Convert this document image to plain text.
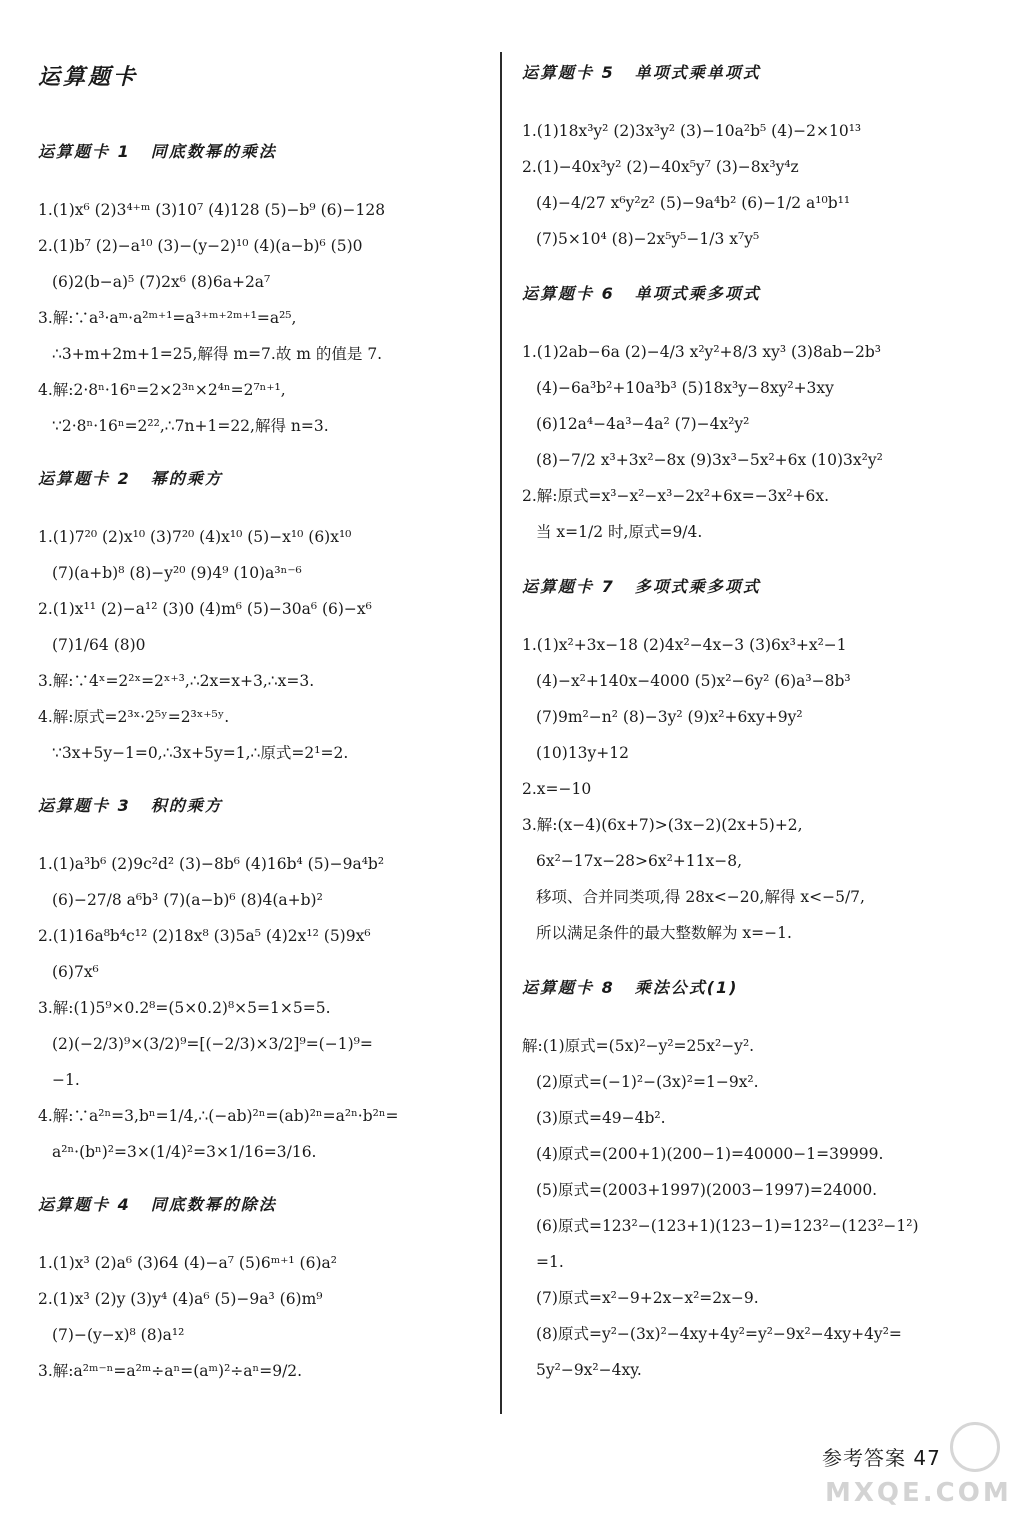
运算题卡
运算题卡 1 同底数幂的乘法
1.(1)x⁶ (2)3⁴⁺ᵐ (3)10⁷ (4)128 (5)−b⁹ (6)−128
2.(1)b⁷ (2)−a¹⁰ (3)−(y−2)¹⁰ (4)(a−b)⁶ (5)0
(6)2(b−a)⁵ (7)2x⁶ (8)6a+2a⁷
3.解:∵a³·aᵐ·a²ᵐ⁺¹=a³⁺ᵐ⁺²ᵐ⁺¹=a²⁵,
∴3+m+2m+1=25,解得 m=7.故 m 的值是 7.
4.解:2·8ⁿ·16ⁿ=2×2³ⁿ×2⁴ⁿ=2⁷ⁿ⁺¹,
∵2·8ⁿ·16ⁿ=2²²,∴7n+1=22,解得 n=3.
运算题卡 2 幂的乘方
1.(1)7²⁰ (2)x¹⁰ (3)7²⁰ (4)x¹⁰ (5)−x¹⁰ (6)x¹⁰
(7)(a+b)⁸ (8)−y²⁰ (9)4⁹ (10)a³ⁿ⁻⁶
2.(1)x¹¹ (2)−a¹² (3)0 (4)m⁶ (5)−30a⁶ (6)−x⁶
(7)1/64 (8)0
3.解:∵4ˣ=2²ˣ=2ˣ⁺³,∴2x=x+3,∴x=3.
4.解:原式=2³ˣ·2⁵ʸ=2³ˣ⁺⁵ʸ.
∵3x+5y−1=0,∴3x+5y=1,∴原式=2¹=2.
运算题卡 3 积的乘方
1.(1)a³b⁶ (2)9c²d² (3)−8b⁶ (4)16b⁴ (5)−9a⁴b²
(6)−27/8 a⁶b³ (7)(a−b)⁶ (8)4(a+b)²
2.(1)16a⁸b⁴c¹² (2)18x⁸ (3)5a⁵ (4)2x¹² (5)9x⁶
(6)7x⁶
3.解:(1)5⁹×0.2⁸=(5×0.2)⁸×5=1×5=5.
(2)(−2/3)⁹×(3/2)⁹=[(−2/3)×3/2]⁹=(−1)⁹=
−1.
4.解:∵a²ⁿ=3,bⁿ=1/4,∴(−ab)²ⁿ=(ab)²ⁿ=a²ⁿ·b²ⁿ=
a²ⁿ·(bⁿ)²=3×(1/4)²=3×1/16=3/16.
运算题卡 4 同底数幂的除法
1.(1)x³ (2)a⁶ (3)64 (4)−a⁷ (5)6ᵐ⁺¹ (6)a²
2.(1)x³ (2)y (3)y⁴ (4)a⁶ (5)−9a³ (6)m⁹
(7)−(y−x)⁸ (8)a¹²
3.解:a²ᵐ⁻ⁿ=a²ᵐ÷aⁿ=(aᵐ)²÷aⁿ=9/2.
运算题卡 5 单项式乘单项式
1.(1)18x³y² (2)3x³y² (3)−10a²b⁵ (4)−2×10¹³
2.(1)−40x³y² (2)−40x⁵y⁷ (3)−8x³y⁴z
(4)−4/27 x⁶y²z² (5)−9a⁴b² (6)−1/2 a¹⁰b¹¹
(7)5×10⁴ (8)−2x⁵y⁵−1/3 x⁷y⁵
运算题卡 6 单项式乘多项式
1.(1)2ab−6a (2)−4/3 x²y²+8/3 xy³ (3)8ab−2b³
(4)−6a³b²+10a³b³ (5)18x³y−8xy²+3xy
(6)12a⁴−4a³−4a² (7)−4x²y²
(8)−7/2 x³+3x²−8x (9)3x³−5x²+6x (10)3x²y²
2.解:原式=x³−x²−x³−2x²+6x=−3x²+6x.
当 x=1/2 时,原式=9/4.
运算题卡 7 多项式乘多项式
1.(1)x²+3x−18 (2)4x²−4x−3 (3)6x³+x²−1
(4)−x²+140x−4000 (5)x²−6y² (6)a³−8b³
(7)9m²−n² (8)−3y² (9)x²+6xy+9y²
(10)13y+12
2.x=−10
3.解:(x−4)(6x+7)>(3x−2)(2x+5)+2,
6x²−17x−28>6x²+11x−8,
移项、合并同类项,得 28x<−20,解得 x<−5/7,
所以满足条件的最大整数解为 x=−1.
运算题卡 8 乘法公式(1)
解:(1)原式=(5x)²−y²=25x²−y².
(2)原式=(−1)²−(3x)²=1−9x².
(3)原式=49−4b².
(4)原式=(200+1)(200−1)=40000−1=39999.
(5)原式=(2003+1997)(2003−1997)=24000.
(6)原式=123²−(123+1)(123−1)=123²−(123²−1²)
=1.
(7)原式=x²−9+2x−x²=2x−9.
(8)原式=y²−(3x)²−4xy+4y²=y²−9x²−4xy+4y²=
5y²−9x²−4xy.
参考答案 47
MXQE.COM
